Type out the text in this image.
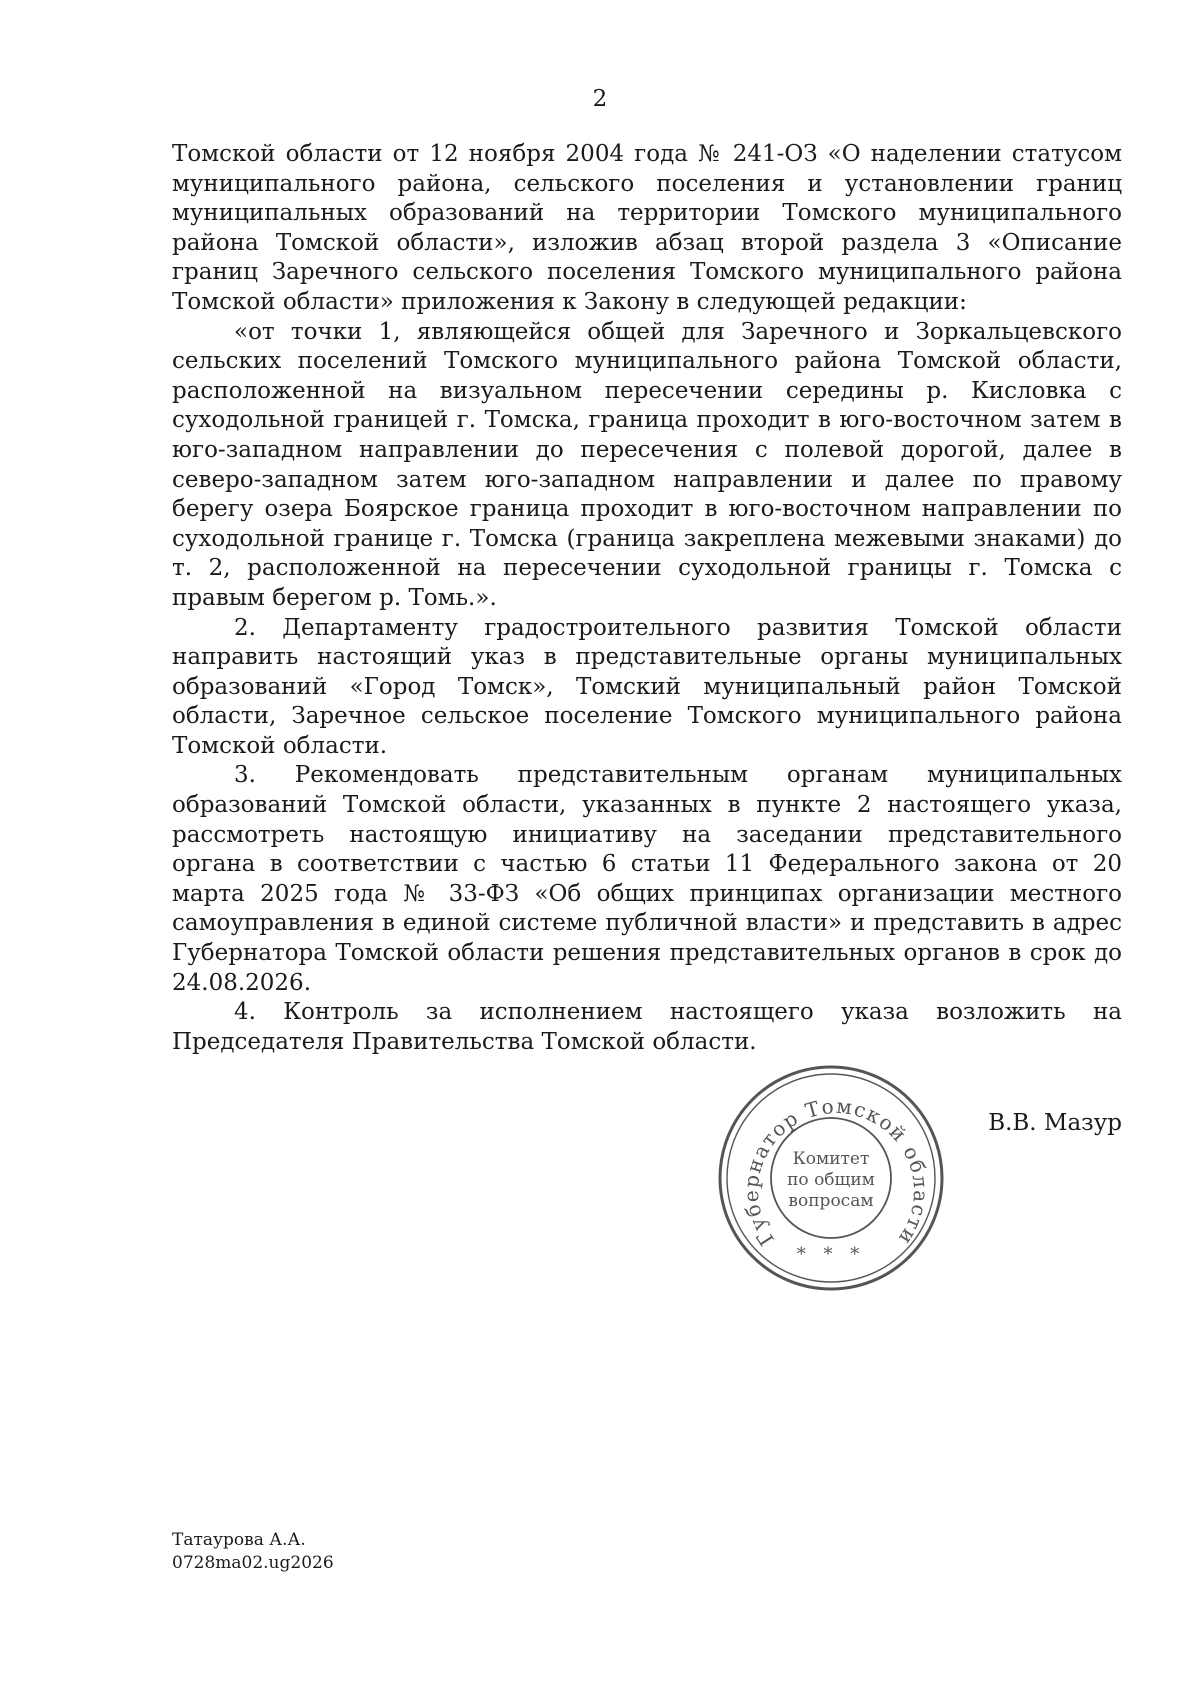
2

Томской области от 12 ноября 2004 года № 241-ОЗ «О наделении статусом муниципального района, сельского поселения и установлении границ муниципальных образований на территории Томского муниципального района Томской области», изложив абзац второй раздела 3 «Описание границ Заречного сельского поселения Томского муниципального района Томской области» приложения к Закону в следующей редакции:

«от точки 1, являющейся общей для Заречного и Зоркальцевского сельских поселений Томского муниципального района Томской области, расположенной на визуальном пересечении середины р. Кисловка с суходольной границей г. Томска, граница проходит в юго-восточном затем в юго-западном направлении до пересечения с полевой дорогой, далее в северо-западном затем юго-западном направлении и далее по правому берегу озера Боярское граница проходит в юго-восточном направлении по суходольной границе г. Томска (граница закреплена межевыми знаками) до т. 2, расположенной на пересечении суходольной границы г. Томска с правым берегом р. Томь.».

2. Департаменту градостроительного развития Томской области направить настоящий указ в представительные органы муниципальных образований «Город Томск», Томский муниципальный район Томской области, Заречное сельское поселение Томского муниципального района Томской области.

3. Рекомендовать представительным органам муниципальных образований Томской области, указанных в пункте 2 настоящего указа, рассмотреть настоящую инициативу на заседании представительного органа в соответствии с частью 6 статьи 11 Федерального закона от 20 марта 2025 года № 33-ФЗ «Об общих принципах организации местного самоуправления в единой системе публичной власти» и представить в адрес Губернатора Томской области решения представительных органов в срок до 24.08.2026.

4. Контроль за исполнением настоящего указа возложить на Председателя Правительства Томской области.

Губернатор Томской области
Комитет
по общим
вопросам
* * *
В.В. Мазур
Татаурова А.А.
0728ma02.ug2026
